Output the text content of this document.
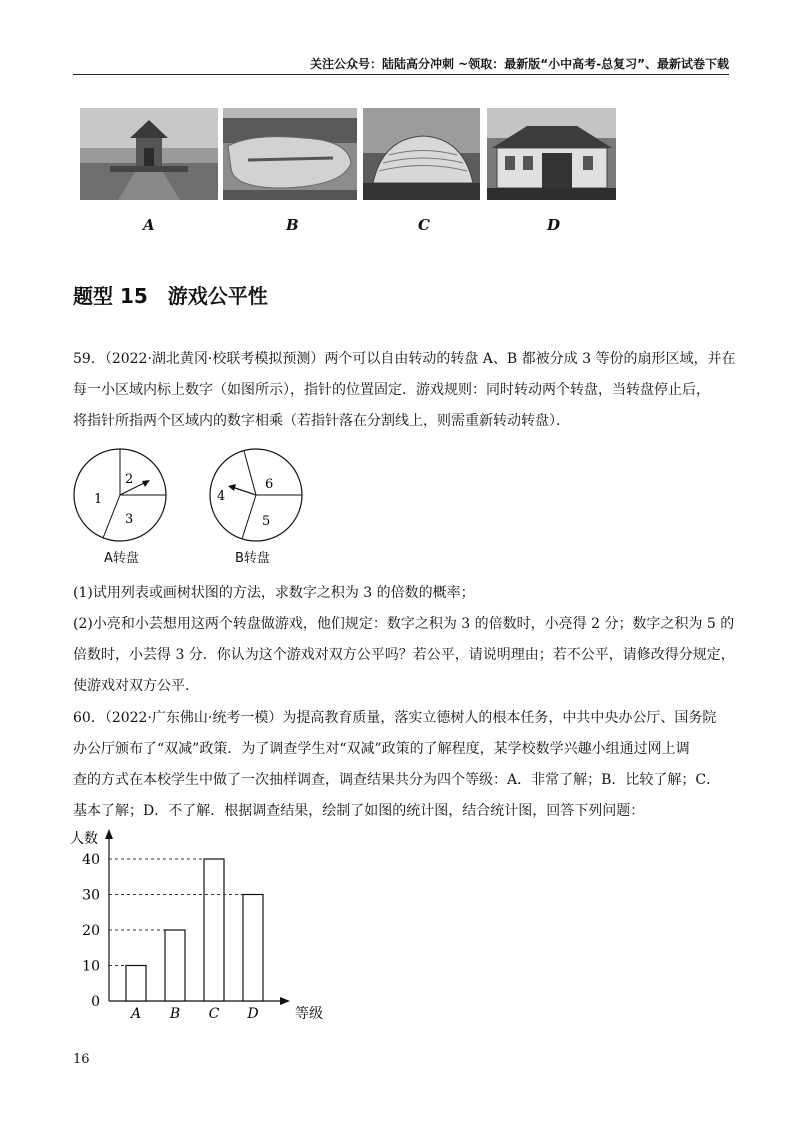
关注公众号：陆陆高分冲刺 ~领取：最新版“小中高考-总复习”、最新试卷下载
A	B	C	D
题型 15　游戏公平性
59．（2022·湖北黄冈·校联考模拟预测）两个可以自由转动的转盘 A、B 都被分成 3 等份的扇形区域，并在
每一小区域内标上数字（如图所示），指针的位置固定．游戏规则：同时转动两个转盘，当转盘停止后，
将指针所指两个区域内的数字相乘（若指针落在分割线上，则需重新转动转盘）．
1
2
3
4
6
5
A转盘	B转盘
(1)试用列表或画树状图的方法，求数字之积为 3 的倍数的概率；
(2)小亮和小芸想用这两个转盘做游戏，他们规定：数字之积为 3 的倍数时，小亮得 2 分；数字之积为 5 的
倍数时，小芸得 3 分．你认为这个游戏对双方公平吗？若公平，请说明理由；若不公平，请修改得分规定，
使游戏对双方公平．
60．（2022·广东佛山·统考一模）为提高教育质量，落实立德树人的根本任务，中共中央办公厅、国务院
办公厅颁布了“双减”政策．为了调查学生对“双减”政策的了解程度，某学校数学兴趣小组通过网上调
查的方式在本校学生中做了一次抽样调查，调查结果共分为四个等级：A．非常了解；B．比较了解；C．
基本了解；D．不了解．根据调查结果，绘制了如图的统计图，结合统计图，回答下列问题：
人数
等级
0
10
20
30
40
A B C D
16
